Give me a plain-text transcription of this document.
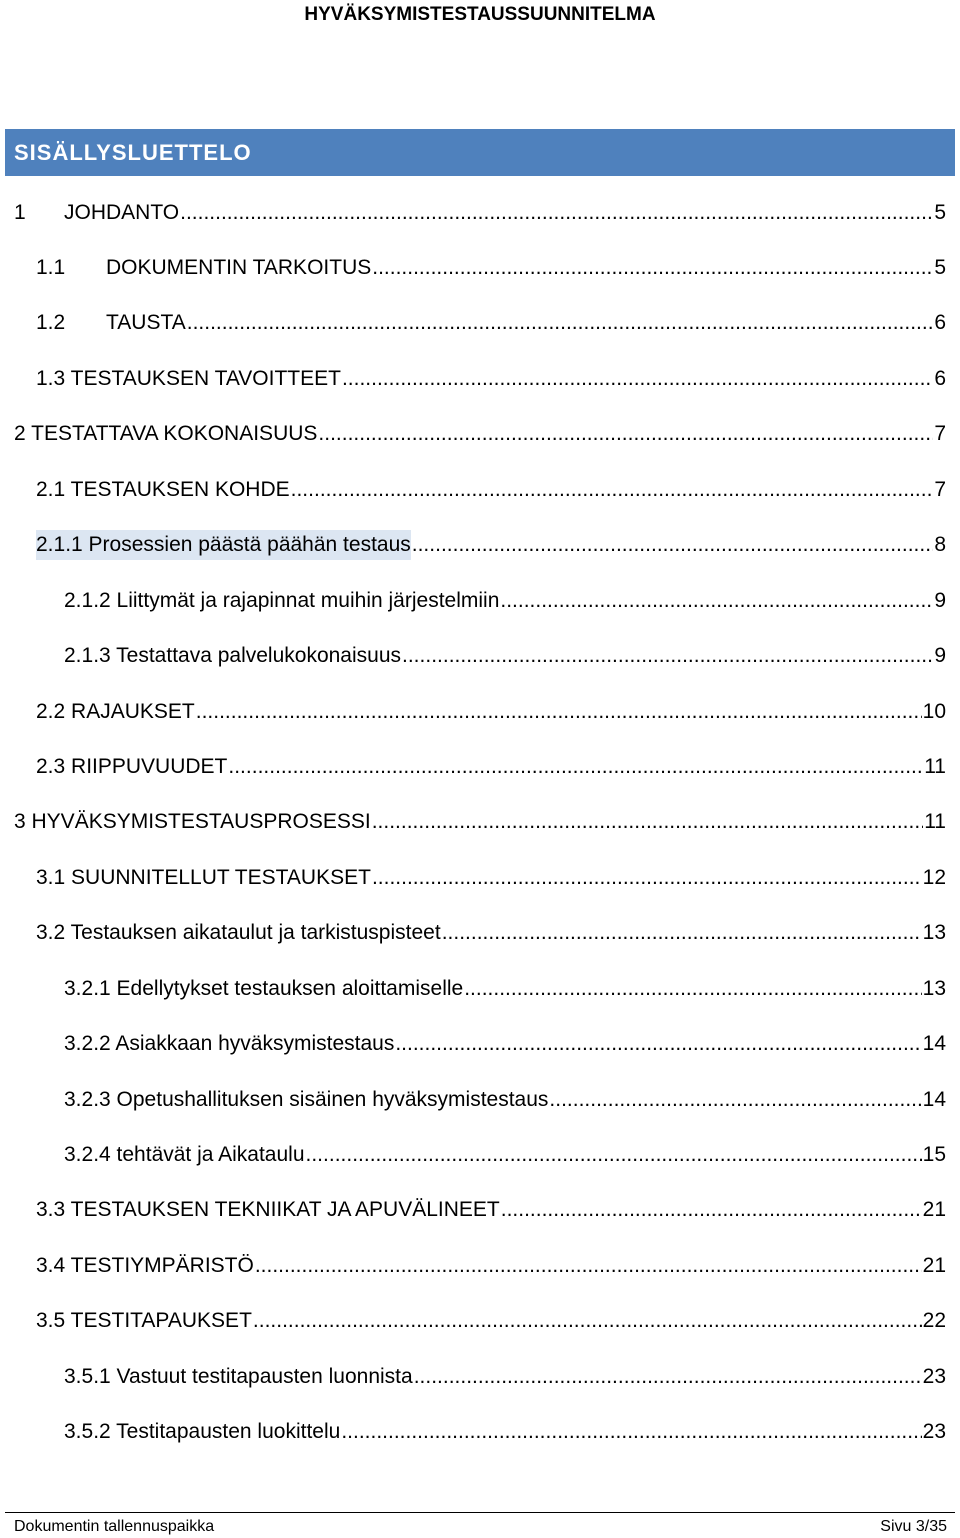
HYVÄKSYMISTESTAUSSUUNNITELMA
SISÄLLYSLUETTELO
1	JOHDANTO .....	5
1.1	DOKUMENTIN TARKOITUS .....	5
1.2	TAUSTA .....	6
1.3 TESTAUKSEN TAVOITTEET .....	6
2 TESTATTAVA KOKONAISUUS .....	7
2.1 TESTAUKSEN KOHDE .....	7
2.1.1 Prosessien päästä päähän testaus .....	8
2.1.2 Liittymät ja rajapinnat muihin järjestelmiin .....	9
2.1.3 Testattava palvelukokonaisuus .....	9
2.2 RAJAUKSET .....	10
2.3 RIIPPUVUUDET .....	11
3 HYVÄKSYMISTESTAUSPROSESSI .....	11
3.1 SUUNNITELLUT TESTAUKSET .....	12
3.2 Testauksen aikataulut ja tarkistuspisteet .....	13
3.2.1 Edellytykset testauksen aloittamiselle .....	13
3.2.2 Asiakkaan hyväksymistestaus .....	14
3.2.3 Opetushallituksen sisäinen hyväksymistestaus .....	14
3.2.4 tehtävät ja Aikataulu .....	15
3.3 TESTAUKSEN TEKNIIKAT JA APUVÄLINEET .....	21
3.4 TESTIYMPÄRISTÖ .....	21
3.5 TESTITAPAUKSET .....	22
3.5.1 Vastuut testitapausten luonnista .....	23
3.5.2 Testitapausten luokittelu .....	23
Dokumentin tallennuspaikka	Sivu 3/35
